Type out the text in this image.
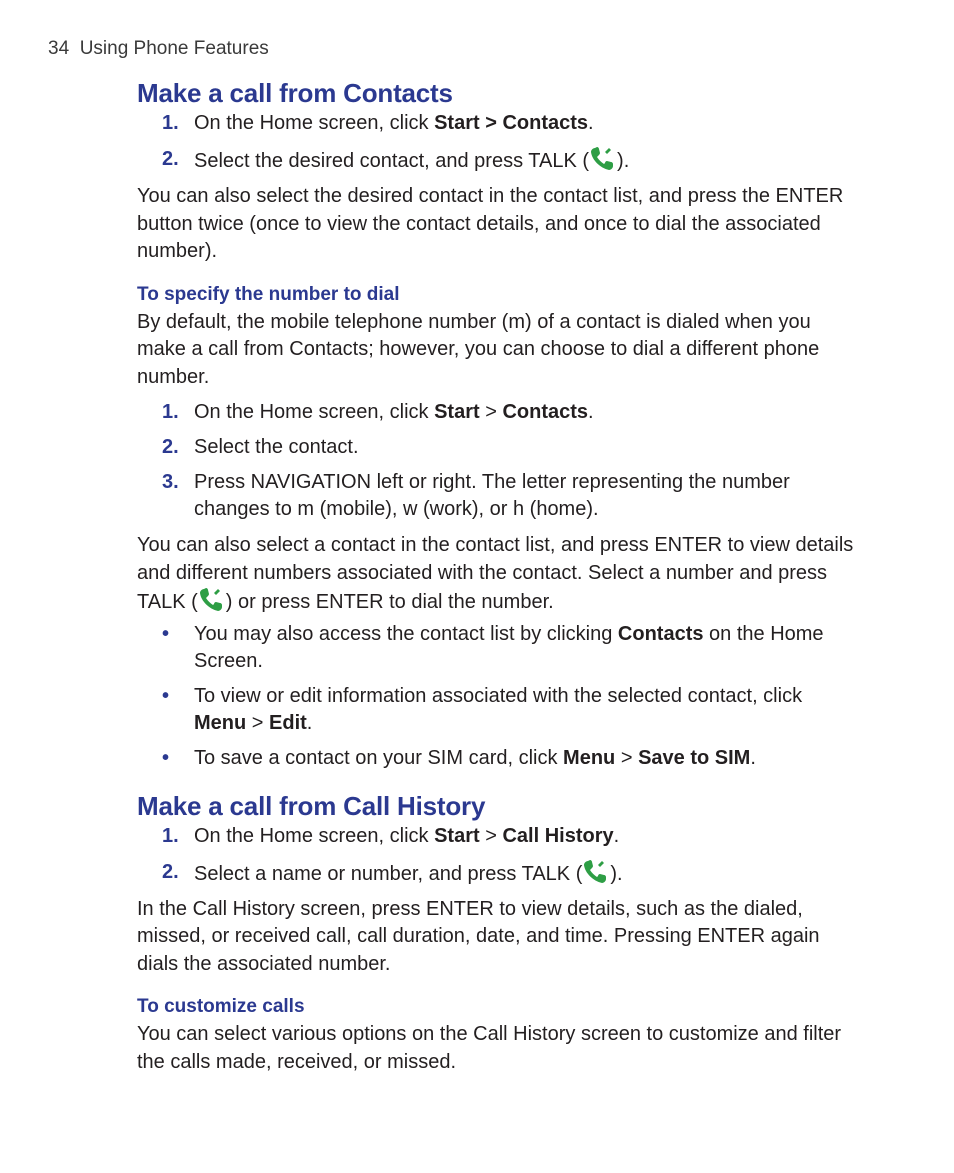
34 Using Phone Features
Make a call from Contacts
1. On the Home screen, click Start > Contacts.
2. Select the desired contact, and press TALK ( ).

You can also select the desired contact in the contact list, and press the ENTER button twice (once to view the contact details, and once to dial the associated number).

To specify the number to dial

By default, the mobile telephone number (m) of a contact is dialed when you make a call from Contacts; however, you can choose to dial a different phone number.

1. On the Home screen, click Start > Contacts.
2. Select the contact.
3. Press NAVIGATION left or right. The letter representing the number changes to m (mobile), w (work), or h (home).

You can also select a contact in the contact list, and press ENTER to view details and different numbers associated with the contact. Select a number and press TALK ( ) or press ENTER to dial the number.

• You may also access the contact list by clicking Contacts on the Home Screen.
• To view or edit information associated with the selected contact, click Menu > Edit.
• To save a contact on your SIM card, click Menu > Save to SIM.
Make a call from Call History
1. On the Home screen, click Start > Call History.
2. Select a name or number, and press TALK ( ).

In the Call History screen, press ENTER to view details, such as the dialed, missed, or received call, call duration, date, and time. Pressing ENTER again dials the associated number.

To customize calls

You can select various options on the Call History screen to customize and filter the calls made, received, or missed.
